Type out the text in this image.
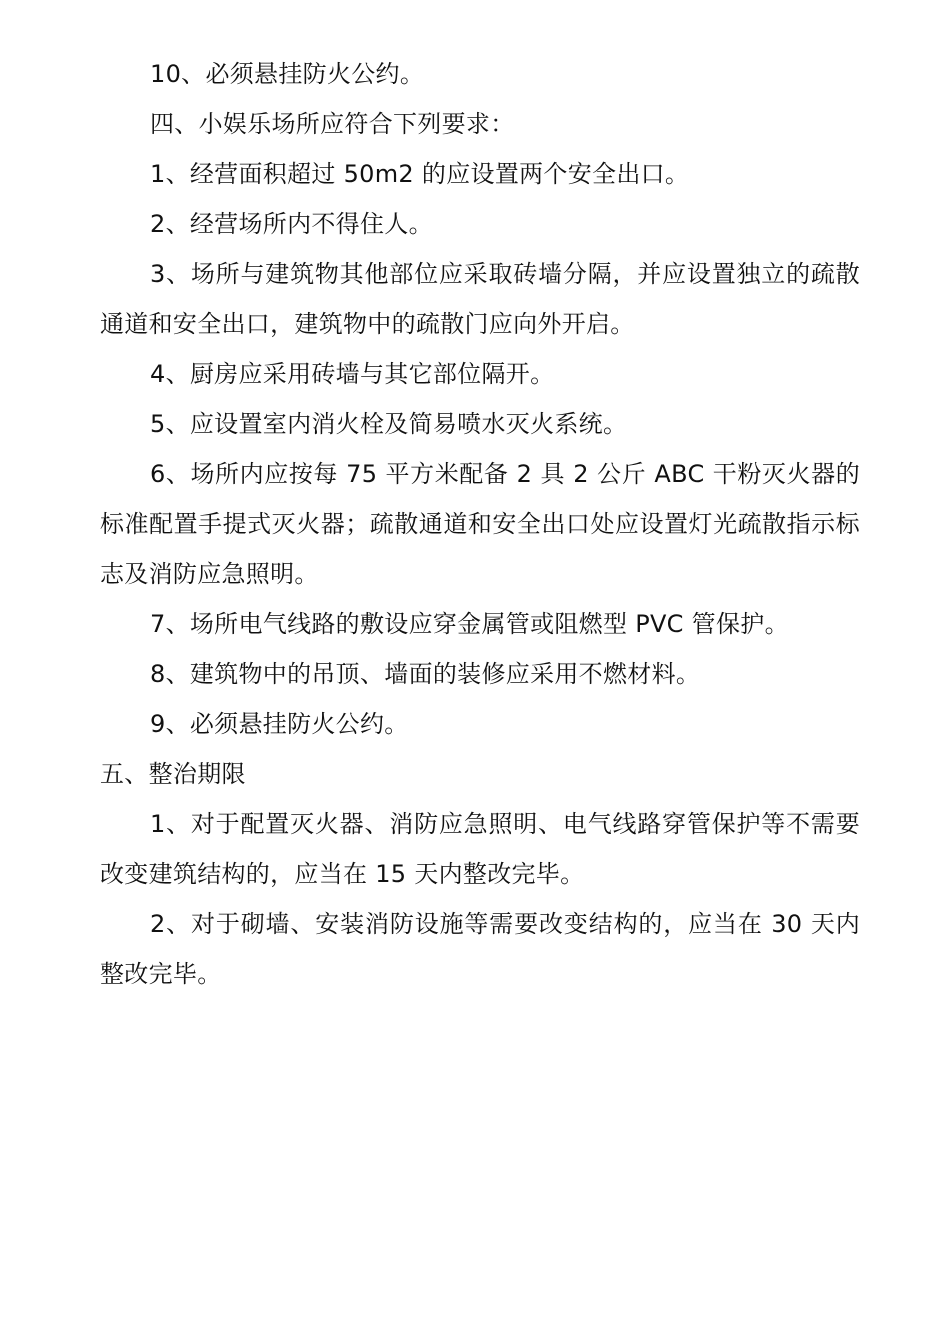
10、必须悬挂防火公约。

四、小娱乐场所应符合下列要求：

1、经营面积超过 50m2 的应设置两个安全出口。

2、经营场所内不得住人。

3、场所与建筑物其他部位应采取砖墙分隔，并应设置独立的疏散通道和安全出口，建筑物中的疏散门应向外开启。

4、厨房应采用砖墙与其它部位隔开。

5、应设置室内消火栓及简易喷水灭火系统。

6、场所内应按每 75 平方米配备 2 具 2 公斤 ABC 干粉灭火器的标准配置手提式灭火器；疏散通道和安全出口处应设置灯光疏散指示标志及消防应急照明。

7、场所电气线路的敷设应穿金属管或阻燃型 PVC 管保护。

8、建筑物中的吊顶、墙面的装修应采用不燃材料。

9、必须悬挂防火公约。

五、整治期限

1、对于配置灭火器、消防应急照明、电气线路穿管保护等不需要改变建筑结构的，应当在 15 天内整改完毕。

2、对于砌墙、安装消防设施等需要改变结构的，应当在 30 天内整改完毕。
